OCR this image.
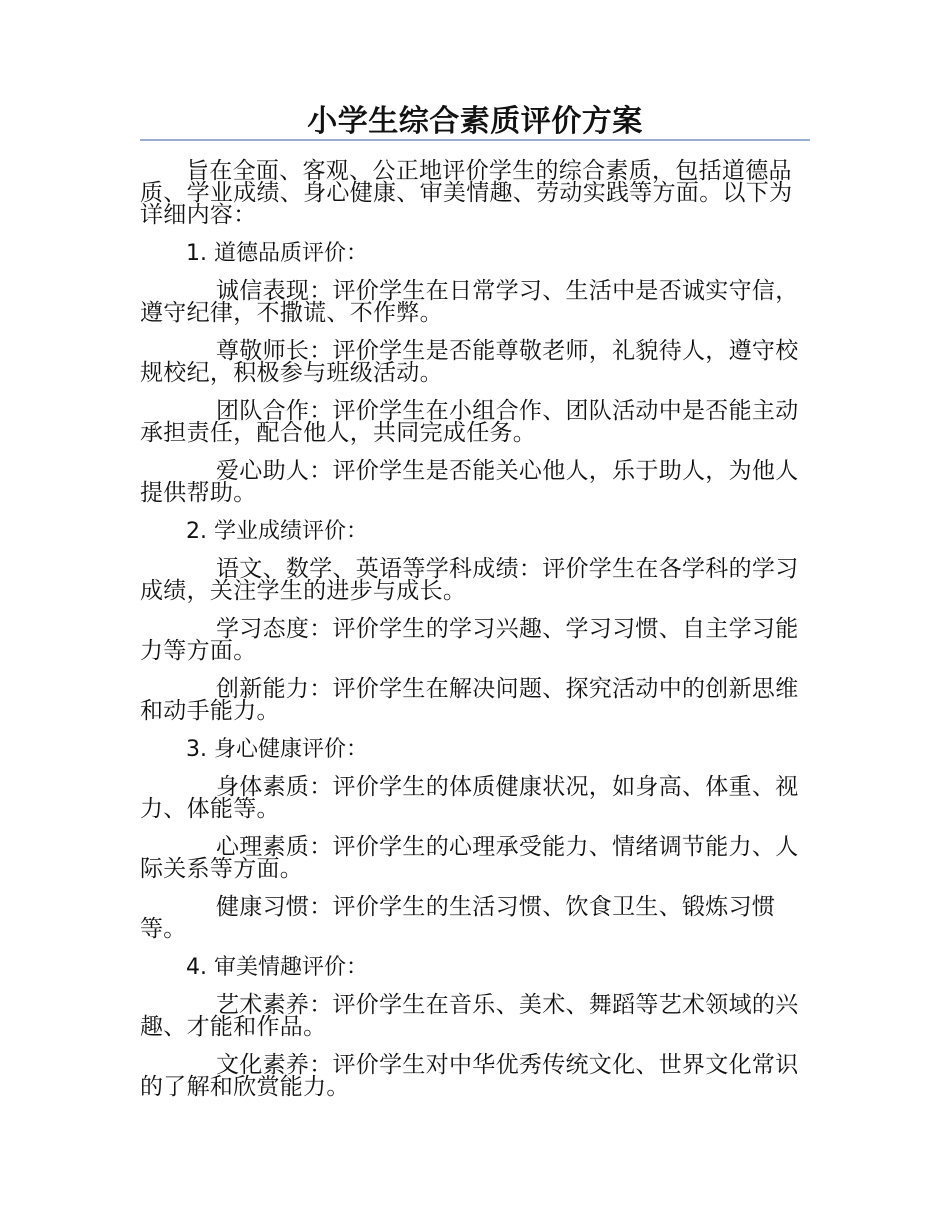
小学生综合素质评价方案

旨在全面、客观、公正地评价学生的综合素质，包括道德品质、学业成绩、身心健康、审美情趣、劳动实践等方面。以下为详细内容：

1. 道德品质评价：

诚信表现：评价学生在日常学习、生活中是否诚实守信，遵守纪律，不撒谎、不作弊。

尊敬师长：评价学生是否能尊敬老师，礼貌待人，遵守校规校纪，积极参与班级活动。

团队合作：评价学生在小组合作、团队活动中是否能主动承担责任，配合他人，共同完成任务。

爱心助人：评价学生是否能关心他人，乐于助人，为他人提供帮助。

2. 学业成绩评价：

语文、数学、英语等学科成绩：评价学生在各学科的学习成绩，关注学生的进步与成长。

学习态度：评价学生的学习兴趣、学习习惯、自主学习能力等方面。

创新能力：评价学生在解决问题、探究活动中的创新思维和动手能力。

3. 身心健康评价：

身体素质：评价学生的体质健康状况，如身高、体重、视力、体能等。

心理素质：评价学生的心理承受能力、情绪调节能力、人际关系等方面。

健康习惯：评价学生的生活习惯、饮食卫生、锻炼习惯等。

4. 审美情趣评价：

艺术素养：评价学生在音乐、美术、舞蹈等艺术领域的兴趣、才能和作品。

文化素养：评价学生对中华优秀传统文化、世界文化常识的了解和欣赏能力。
